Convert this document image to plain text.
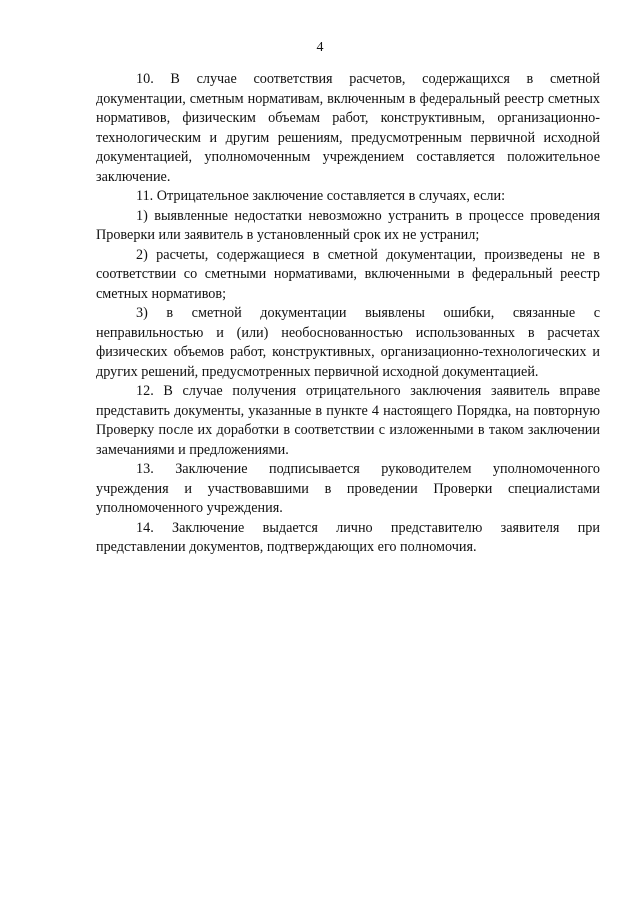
4

10. В случае соответствия расчетов, содержащихся в сметной документации, сметным нормативам, включенным в федеральный реестр сметных нормативов, физическим объемам работ, конструктивным, организационно-технологическим и другим решениям, предусмотренным первичной исходной документацией, уполномоченным учреждением составляется положительное заключение.

11. Отрицательное заключение составляется в случаях, если:

1) выявленные недостатки невозможно устранить в процессе проведения Проверки или заявитель в установленный срок их не устранил;

2) расчеты, содержащиеся в сметной документации, произведены не в соответствии со сметными нормативами, включенными в федеральный реестр сметных нормативов;

3) в сметной документации выявлены ошибки, связанные с неправильностью и (или) необоснованностью использованных в расчетах физических объемов работ, конструктивных, организационно-технологических и других решений, предусмотренных первичной исходной документацией.

12. В случае получения отрицательного заключения заявитель вправе представить документы, указанные в пункте 4 настоящего Порядка, на повторную Проверку после их доработки в соответствии с изложенными в таком заключении замечаниями и предложениями.

13. Заключение подписывается руководителем уполномоченного учреждения и участвовавшими в проведении Проверки специалистами уполномоченного учреждения.

14. Заключение выдается лично представителю заявителя при представлении документов, подтверждающих его полномочия.
